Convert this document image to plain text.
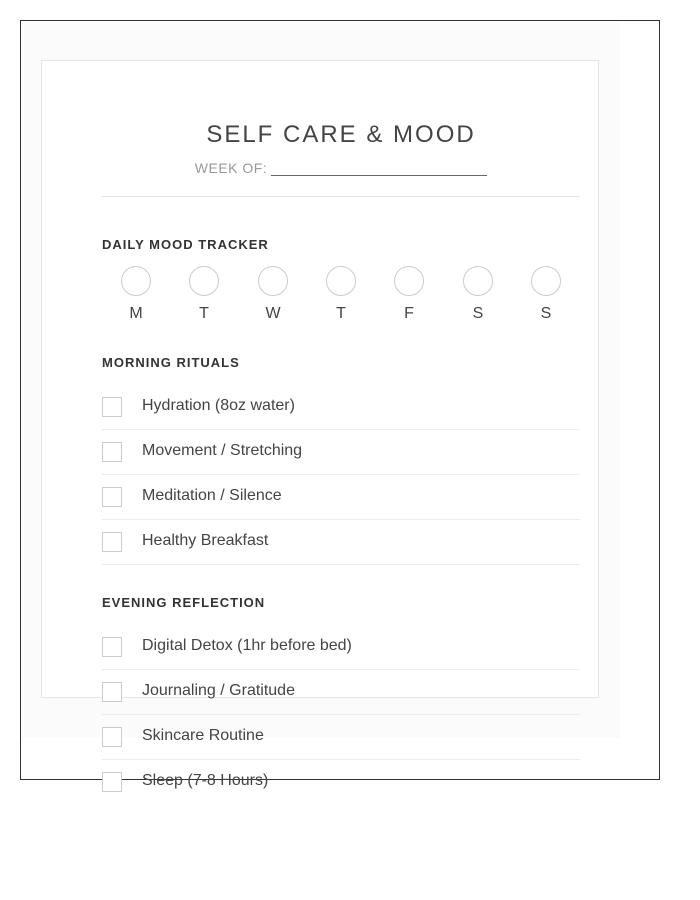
SELF CARE & MOOD
WEEK OF:
DAILY MOOD TRACKER
M	T	W	T	F	S	S
MORNING RITUALS
Hydration (8oz water)
Movement / Stretching
Meditation / Silence
Healthy Breakfast
EVENING REFLECTION
Digital Detox (1hr before bed)
Journaling / Gratitude
Skincare Routine
Sleep (7-8 Hours)
